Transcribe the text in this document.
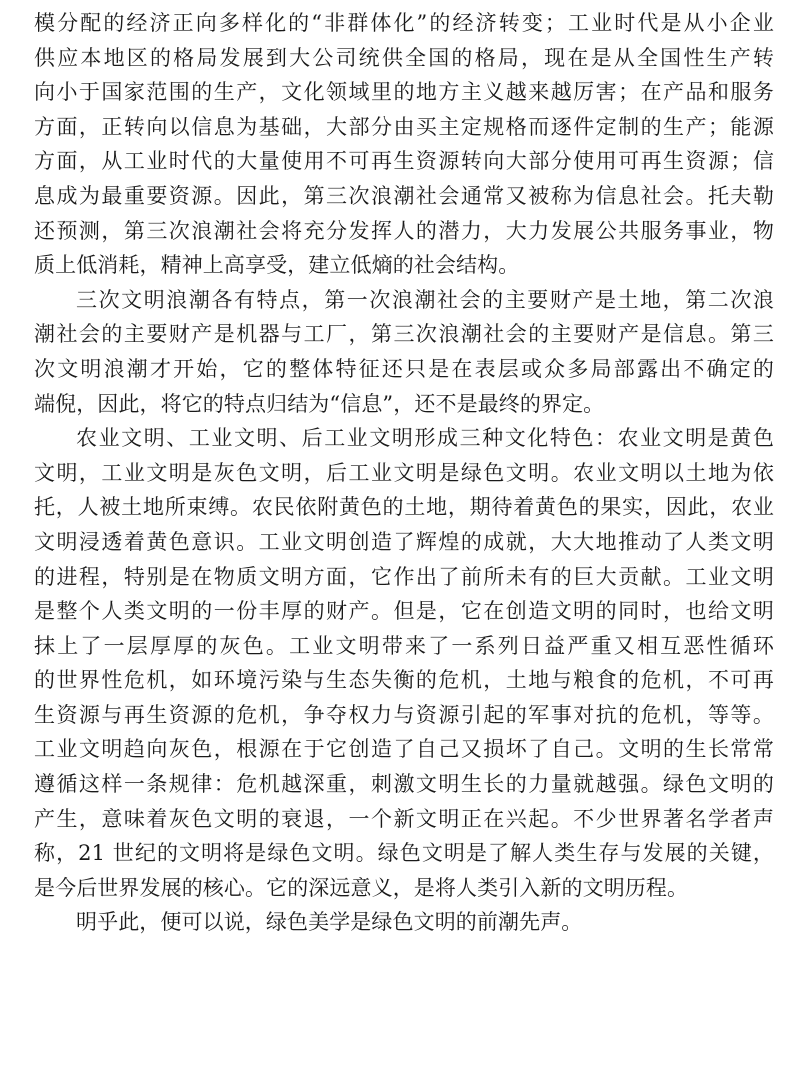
模分配的经济正向多样化的“非群体化”的经济转变；工业时代是从小企业
供应本地区的格局发展到大公司统供全国的格局，现在是从全国性生产转
向小于国家范围的生产，文化领域里的地方主义越来越厉害；在产品和服务
方面，正转向以信息为基础，大部分由买主定规格而逐件定制的生产；能源
方面，从工业时代的大量使用不可再生资源转向大部分使用可再生资源；信
息成为最重要资源。因此，第三次浪潮社会通常又被称为信息社会。托夫勒
还预测，第三次浪潮社会将充分发挥人的潜力，大力发展公共服务事业，物
质上低消耗，精神上高享受，建立低熵的社会结构。

三次文明浪潮各有特点，第一次浪潮社会的主要财产是土地，第二次浪
潮社会的主要财产是机器与工厂，第三次浪潮社会的主要财产是信息。第三
次文明浪潮才开始，它的整体特征还只是在表层或众多局部露出不确定的
端倪，因此，将它的特点归结为“信息”，还不是最终的界定。

农业文明、工业文明、后工业文明形成三种文化特色：农业文明是黄色
文明，工业文明是灰色文明，后工业文明是绿色文明。农业文明以土地为依
托，人被土地所束缚。农民依附黄色的土地，期待着黄色的果实，因此，农业
文明浸透着黄色意识。工业文明创造了辉煌的成就，大大地推动了人类文明
的进程，特别是在物质文明方面，它作出了前所未有的巨大贡献。工业文明
是整个人类文明的一份丰厚的财产。但是，它在创造文明的同时，也给文明
抹上了一层厚厚的灰色。工业文明带来了一系列日益严重又相互恶性循环
的世界性危机，如环境污染与生态失衡的危机，土地与粮食的危机，不可再
生资源与再生资源的危机，争夺权力与资源引起的军事对抗的危机，等等。
工业文明趋向灰色，根源在于它创造了自己又损坏了自己。文明的生长常常
遵循这样一条规律：危机越深重，刺激文明生长的力量就越强。绿色文明的
产生，意味着灰色文明的衰退，一个新文明正在兴起。不少世界著名学者声
称，21 世纪的文明将是绿色文明。绿色文明是了解人类生存与发展的关键，
是今后世界发展的核心。它的深远意义，是将人类引入新的文明历程。

明乎此，便可以说，绿色美学是绿色文明的前潮先声。
